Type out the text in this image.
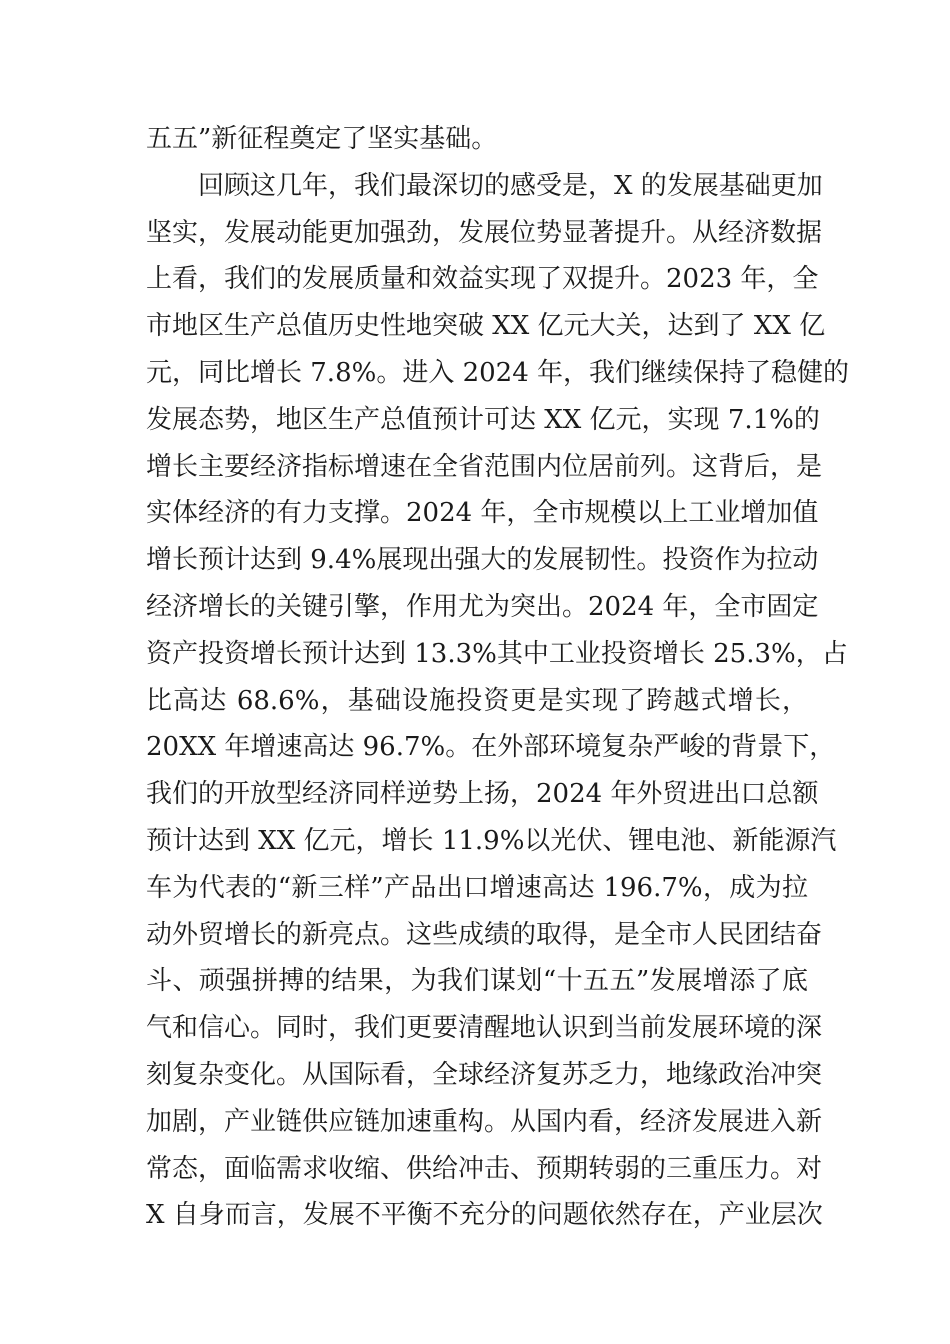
五五”新征程奠定了坚实基础。
回顾这几年，我们最深切的感受是，X 的发展基础更加
坚实，发展动能更加强劲，发展位势显著提升。从经济数据
上看，我们的发展质量和效益实现了双提升。2023 年，全
市地区生产总值历史性地突破 XX 亿元大关，达到了 XX 亿
元，同比增长 7.8%。进入 2024 年，我们继续保持了稳健的
发展态势，地区生产总值预计可达 XX 亿元，实现 7.1%的
增长主要经济指标增速在全省范围内位居前列。这背后，是
实体经济的有力支撑。2024 年，全市规模以上工业增加值
增长预计达到 9.4%展现出强大的发展韧性。投资作为拉动
经济增长的关键引擎，作用尤为突出。2024 年，全市固定
资产投资增长预计达到 13.3%其中工业投资增长 25.3%，占
比高达 68.6%，基础设施投资更是实现了跨越式增长，
20XX 年增速高达 96.7%。在外部环境复杂严峻的背景下，
我们的开放型经济同样逆势上扬，2024 年外贸进出口总额
预计达到 XX 亿元，增长 11.9%以光伏、锂电池、新能源汽
车为代表的“新三样”产品出口增速高达 196.7%，成为拉
动外贸增长的新亮点。这些成绩的取得，是全市人民团结奋
斗、顽强拼搏的结果，为我们谋划“十五五”发展增添了底
气和信心。同时，我们更要清醒地认识到当前发展环境的深
刻复杂变化。从国际看，全球经济复苏乏力，地缘政治冲突
加剧，产业链供应链加速重构。从国内看，经济发展进入新
常态，面临需求收缩、供给冲击、预期转弱的三重压力。对
X 自身而言，发展不平衡不充分的问题依然存在，产业层次
